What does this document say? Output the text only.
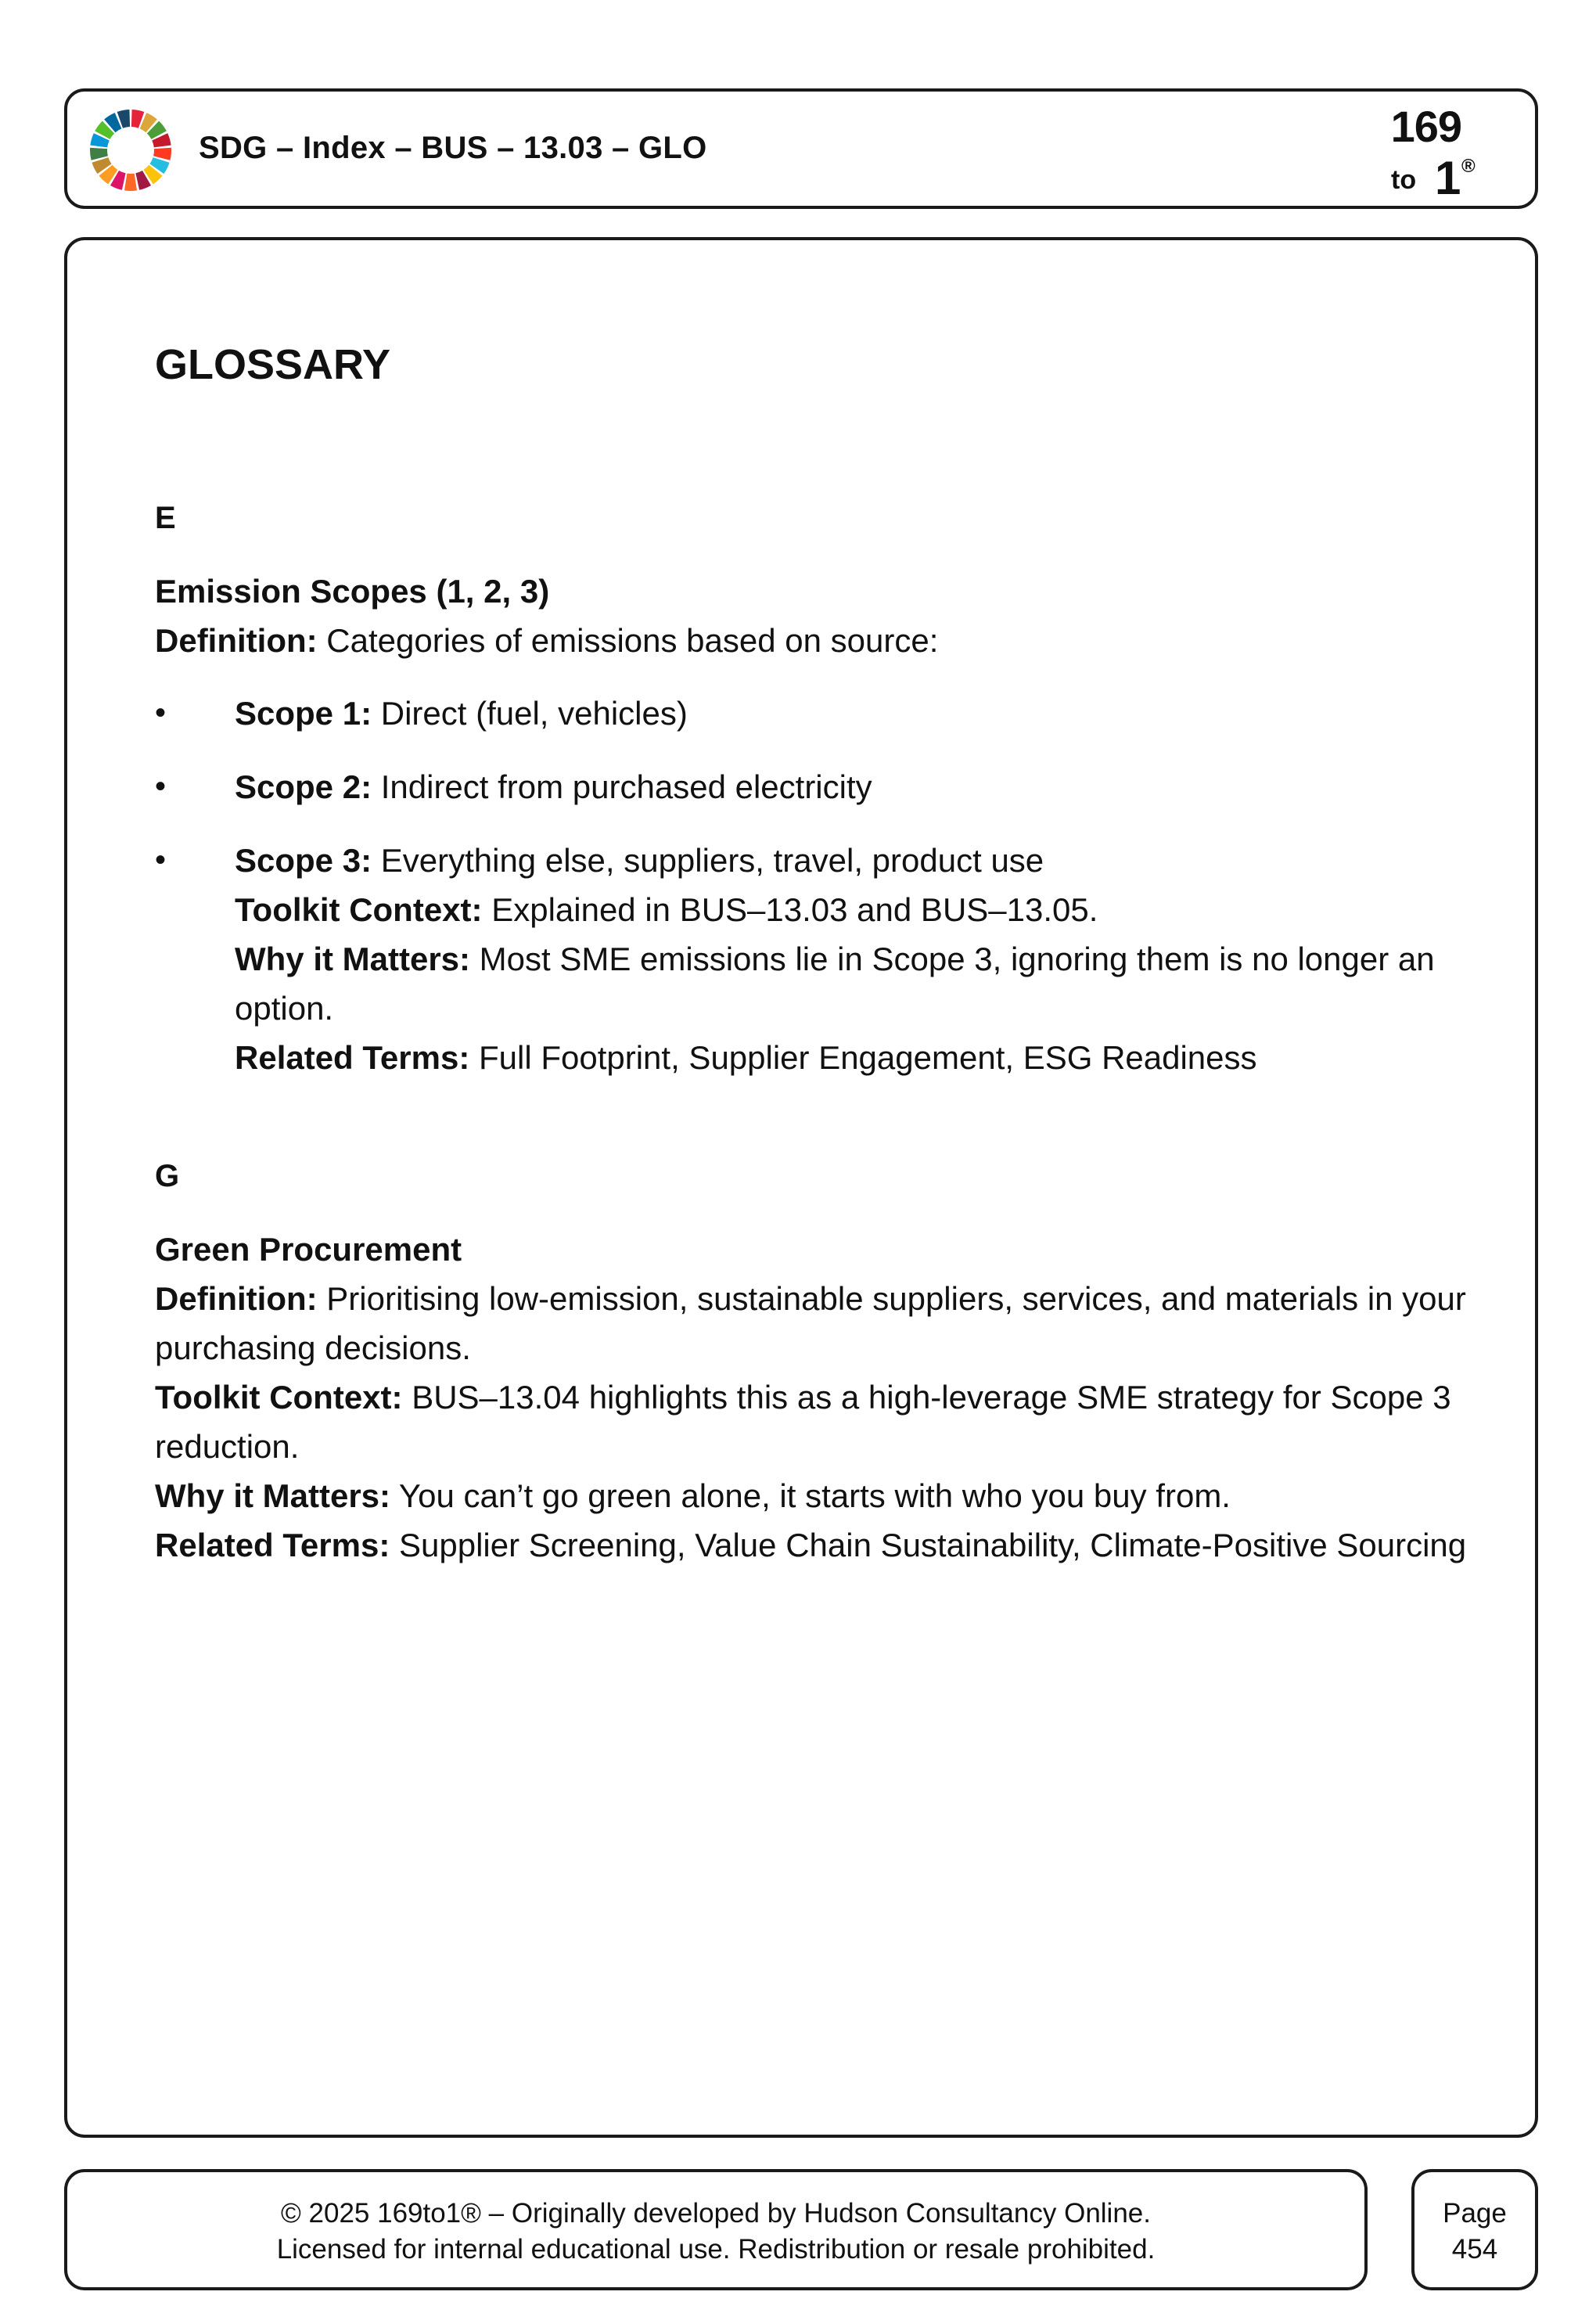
SDG – Index – BUS – 13.03 – GLO	169
to 1 ®
GLOSSARY

E

Emission Scopes (1, 2, 3)

Definition: Categories of emissions based on source:

• Scope 1: Direct (fuel, vehicles)
• Scope 2: Indirect from purchased electricity
• Scope 3: Everything else, suppliers, travel, product use
Toolkit Context: Explained in BUS–13.03 and BUS–13.05.
Why it Matters: Most SME emissions lie in Scope 3, ignoring them is no longer an option.
Related Terms: Full Footprint, Supplier Engagement, ESG Readiness

G

Green Procurement

Definition: Prioritising low-emission, sustainable suppliers, services, and materials in your purchasing decisions.

Toolkit Context: BUS–13.04 highlights this as a high-leverage SME strategy for Scope 3 reduction.

Why it Matters: You can’t go green alone, it starts with who you buy from.

Related Terms: Supplier Screening, Value Chain Sustainability, Climate-Positive Sourcing

© 2025 169to1® – Originally developed by Hudson Consultancy Online.
Licensed for internal educational use. Redistribution or resale prohibited.
Page
454
